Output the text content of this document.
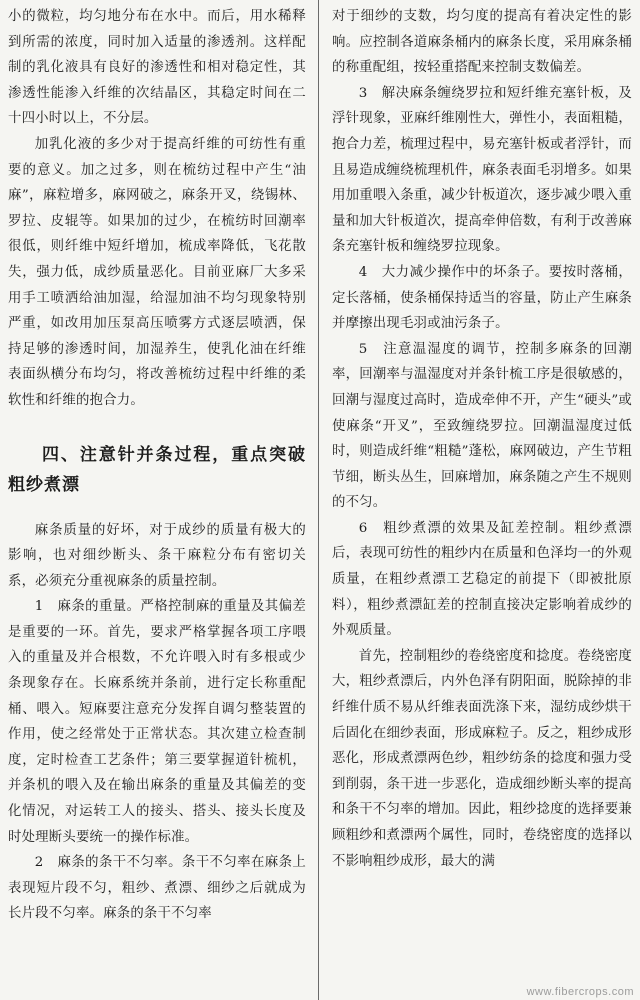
小的微粒，均匀地分布在水中。而后，用水稀释到所需的浓度，同时加入适量的渗透剂。这样配制的乳化液具有良好的渗透性和相对稳定性，其渗透性能渗入纤维的次结晶区，其稳定时间在二十四小时以上，不分层。

加乳化液的多少对于提高纤维的可纺性有重要的意义。加之过多，则在梳纺过程中产生“油麻”，麻粒增多，麻网破之，麻条开叉，绕锡林、罗拉、皮辊等。如果加的过少，在梳纺时回潮率很低，则纤维中短纤增加，梳成率降低，飞花散失，强力低，成纱质量恶化。目前亚麻厂大多采用手工喷洒给油加湿，给湿加油不均匀现象特别严重，如改用加压泵高压喷雾方式逐层喷洒，保持足够的渗透时间，加湿养生，使乳化油在纤维表面纵横分布均匀，将改善梳纺过程中纤维的柔软性和纤维的抱合力。

四、注意针并条过程，重点突破粗纱煮漂

麻条质量的好坏，对于成纱的质量有极大的影响，也对细纱断头、条干麻粒分布有密切关系，必须充分重视麻条的质量控制。

1　麻条的重量。严格控制麻的重量及其偏差是重要的一环。首先，要求严格掌握各项工序喂入的重量及并合根数，不允许喂入时有多根或少条现象存在。长麻系统并条前，进行定长称重配桶、喂入。短麻要注意充分发挥自调匀整装置的作用，使之经常处于正常状态。其次建立检查制度，定时检查工艺条件；第三要掌握道针梳机，并条机的喂入及在输出麻条的重量及其偏差的变化情况，对运转工人的接头、搭头、接头长度及时处理断头要统一的操作标准。

2　麻条的条干不匀率。条干不匀率在麻条上表现短片段不匀，粗纱、煮漂、细纱之后就成为长片段不匀率。麻条的条干不匀率

对于细纱的支数，均匀度的提高有着决定性的影响。应控制各道麻条桶内的麻条长度，采用麻条桶的称重配组，按轻重搭配来控制支数偏差。

3　解决麻条缠绕罗拉和短纤维充塞针板，及浮针现象，亚麻纤维刚性大，弹性小，表面粗糙，抱合力差，梳理过程中，易充塞针板或者浮针，而且易造成缠绕梳理机件，麻条表面毛羽增多。如果用加重喂入条重，减少针板道次，逐步减少喂入重量和加大针板道次，提高牵伸倍数，有利于改善麻条充塞针板和缠绕罗拉现象。

4　大力减少操作中的坏条子。要按时落桶，定长落桶，使条桶保持适当的容量，防止产生麻条并摩擦出现毛羽或油污条子。

5　注意温湿度的调节，控制多麻条的回潮率，回潮率与温湿度对并条针梳工序是很敏感的，回潮与湿度过高时，造成牵伸不开，产生“硬头”或使麻条“开叉”，至致缠绕罗拉。回潮温湿度过低时，则造成纤维“粗糙”蓬松，麻网破边，产生节粗节细，断头丛生，回麻增加，麻条随之产生不规则的不匀。

6　粗纱煮漂的效果及缸差控制。粗纱煮漂后，表现可纺性的粗纱内在质量和色泽均一的外观质量，在粗纱煮漂工艺稳定的前提下（即被批原料），粗纱煮漂缸差的控制直接决定影响着成纱的外观质量。

首先，控制粗纱的卷绕密度和捻度。卷绕密度大，粗纱煮漂后，内外色泽有阴阳面，脱除掉的非纤维什质不易从纤维表面洗涤下来，湿纺成纱烘干后固化在细纱表面，形成麻粒子。反之，粗纱成形恶化，形成煮漂两色纱，粗纱纺条的捻度和强力受到削弱，条干进一步恶化，造成细纱断头率的提高和条干不匀率的增加。因此，粗纱捻度的选择要兼顾粗纱和煮漂两个属性，同时，卷绕密度的选择以不影响粗纱成形，最大的满

www.fibercrops.com
